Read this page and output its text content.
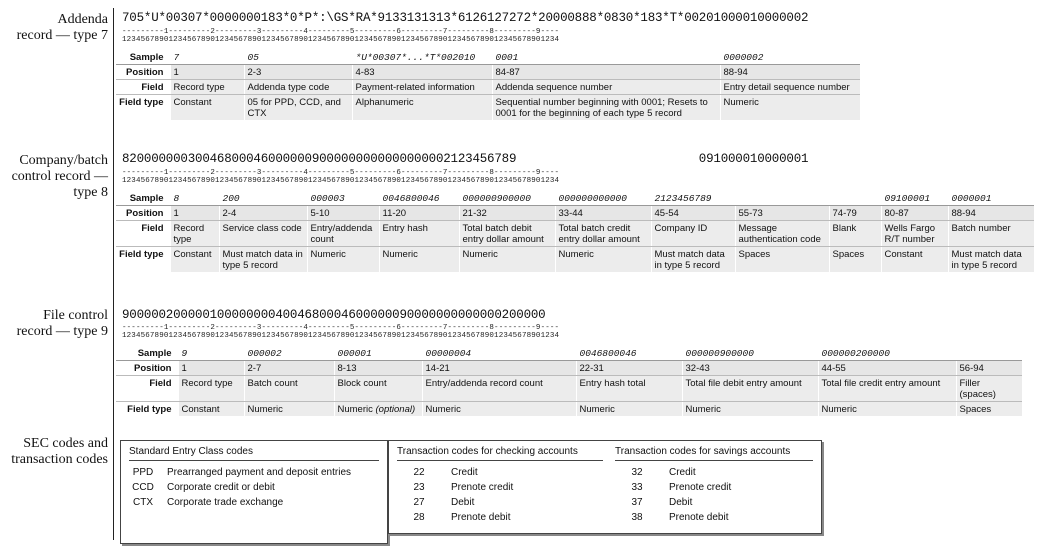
Addenda
record — type 7
Company/batch
control record —
type 8
File control
record — type 9
SEC codes and
transaction codes
705*U*00307*0000000183*0*P*:\GS*RA*9133131313*6126127272*20000888*0830*183*T*00201000010000002
---------1---------2---------3---------4---------5---------6---------7---------8---------9----
1234567890123456789012345678901234567890123456789012345678901234567890123456789012345678901234
Sample	7	05	*U*00307*...*T*002010	0001	0000002
Position	1	2-3	4-83	84-87	88-94
Field	Record type	Addenda type code	Payment-related information	Addenda sequence number	Entry detail sequence number
Field type	Constant	05 for PPD, CCD, and CTX	Alphanumeric	Sequential number beginning with 0001; Resets to 0001 for the beginning of each type 5 record	Numeric
820000000300468000460000009000000000000000002123456789                         091000010000001
---------1---------2---------3---------4---------5---------6---------7---------8---------9----
1234567890123456789012345678901234567890123456789012345678901234567890123456789012345678901234
Sample	8	200	000003	0046800046	000000900000	000000000000	2123456789			09100001	0000001
Position	1	2-4	5-10	11-20	21-32	33-44	45-54	55-73	74-79	80-87	88-94
Field	Record type	Service class code	Entry/addenda count	Entry hash	Total batch debit entry dollar amount	Total batch credit entry dollar amount	Company ID	Message authentication code	Blank	Wells Fargo R/T number	Batch number
Field type	Constant	Must match data in type 5 record	Numeric	Numeric	Numeric	Numeric	Must match data in type 5 record	Spaces	Spaces	Constant	Must match data in type 5 record
9000002000001000000004004680004600000090000000000000200000
---------1---------2---------3---------4---------5---------6---------7---------8---------9----
1234567890123456789012345678901234567890123456789012345678901234567890123456789012345678901234
Sample	9	000002	000001	00000004	0046800046	000000900000	000000200000	
Position	1	2-7	8-13	14-21	22-31	32-43	44-55	56-94
Field	Record type	Batch count	Block count	Entry/addenda record count	Entry hash total	Total file debit entry amount	Total file credit entry amount	Filler (spaces)
Field type	Constant	Numeric	Numeric (optional)	Numeric	Numeric	Numeric	Numeric	Spaces
Standard Entry Class codes
PPD	Prearranged payment and deposit entries
CCD	Corporate credit or debit
CTX	Corporate trade exchange
Transaction codes for checking accounts
22	Credit
23	Prenote credit
27	Debit
28	Prenote debit
Transaction codes for savings accounts
32	Credit
33	Prenote credit
37	Debit
38	Prenote debit
